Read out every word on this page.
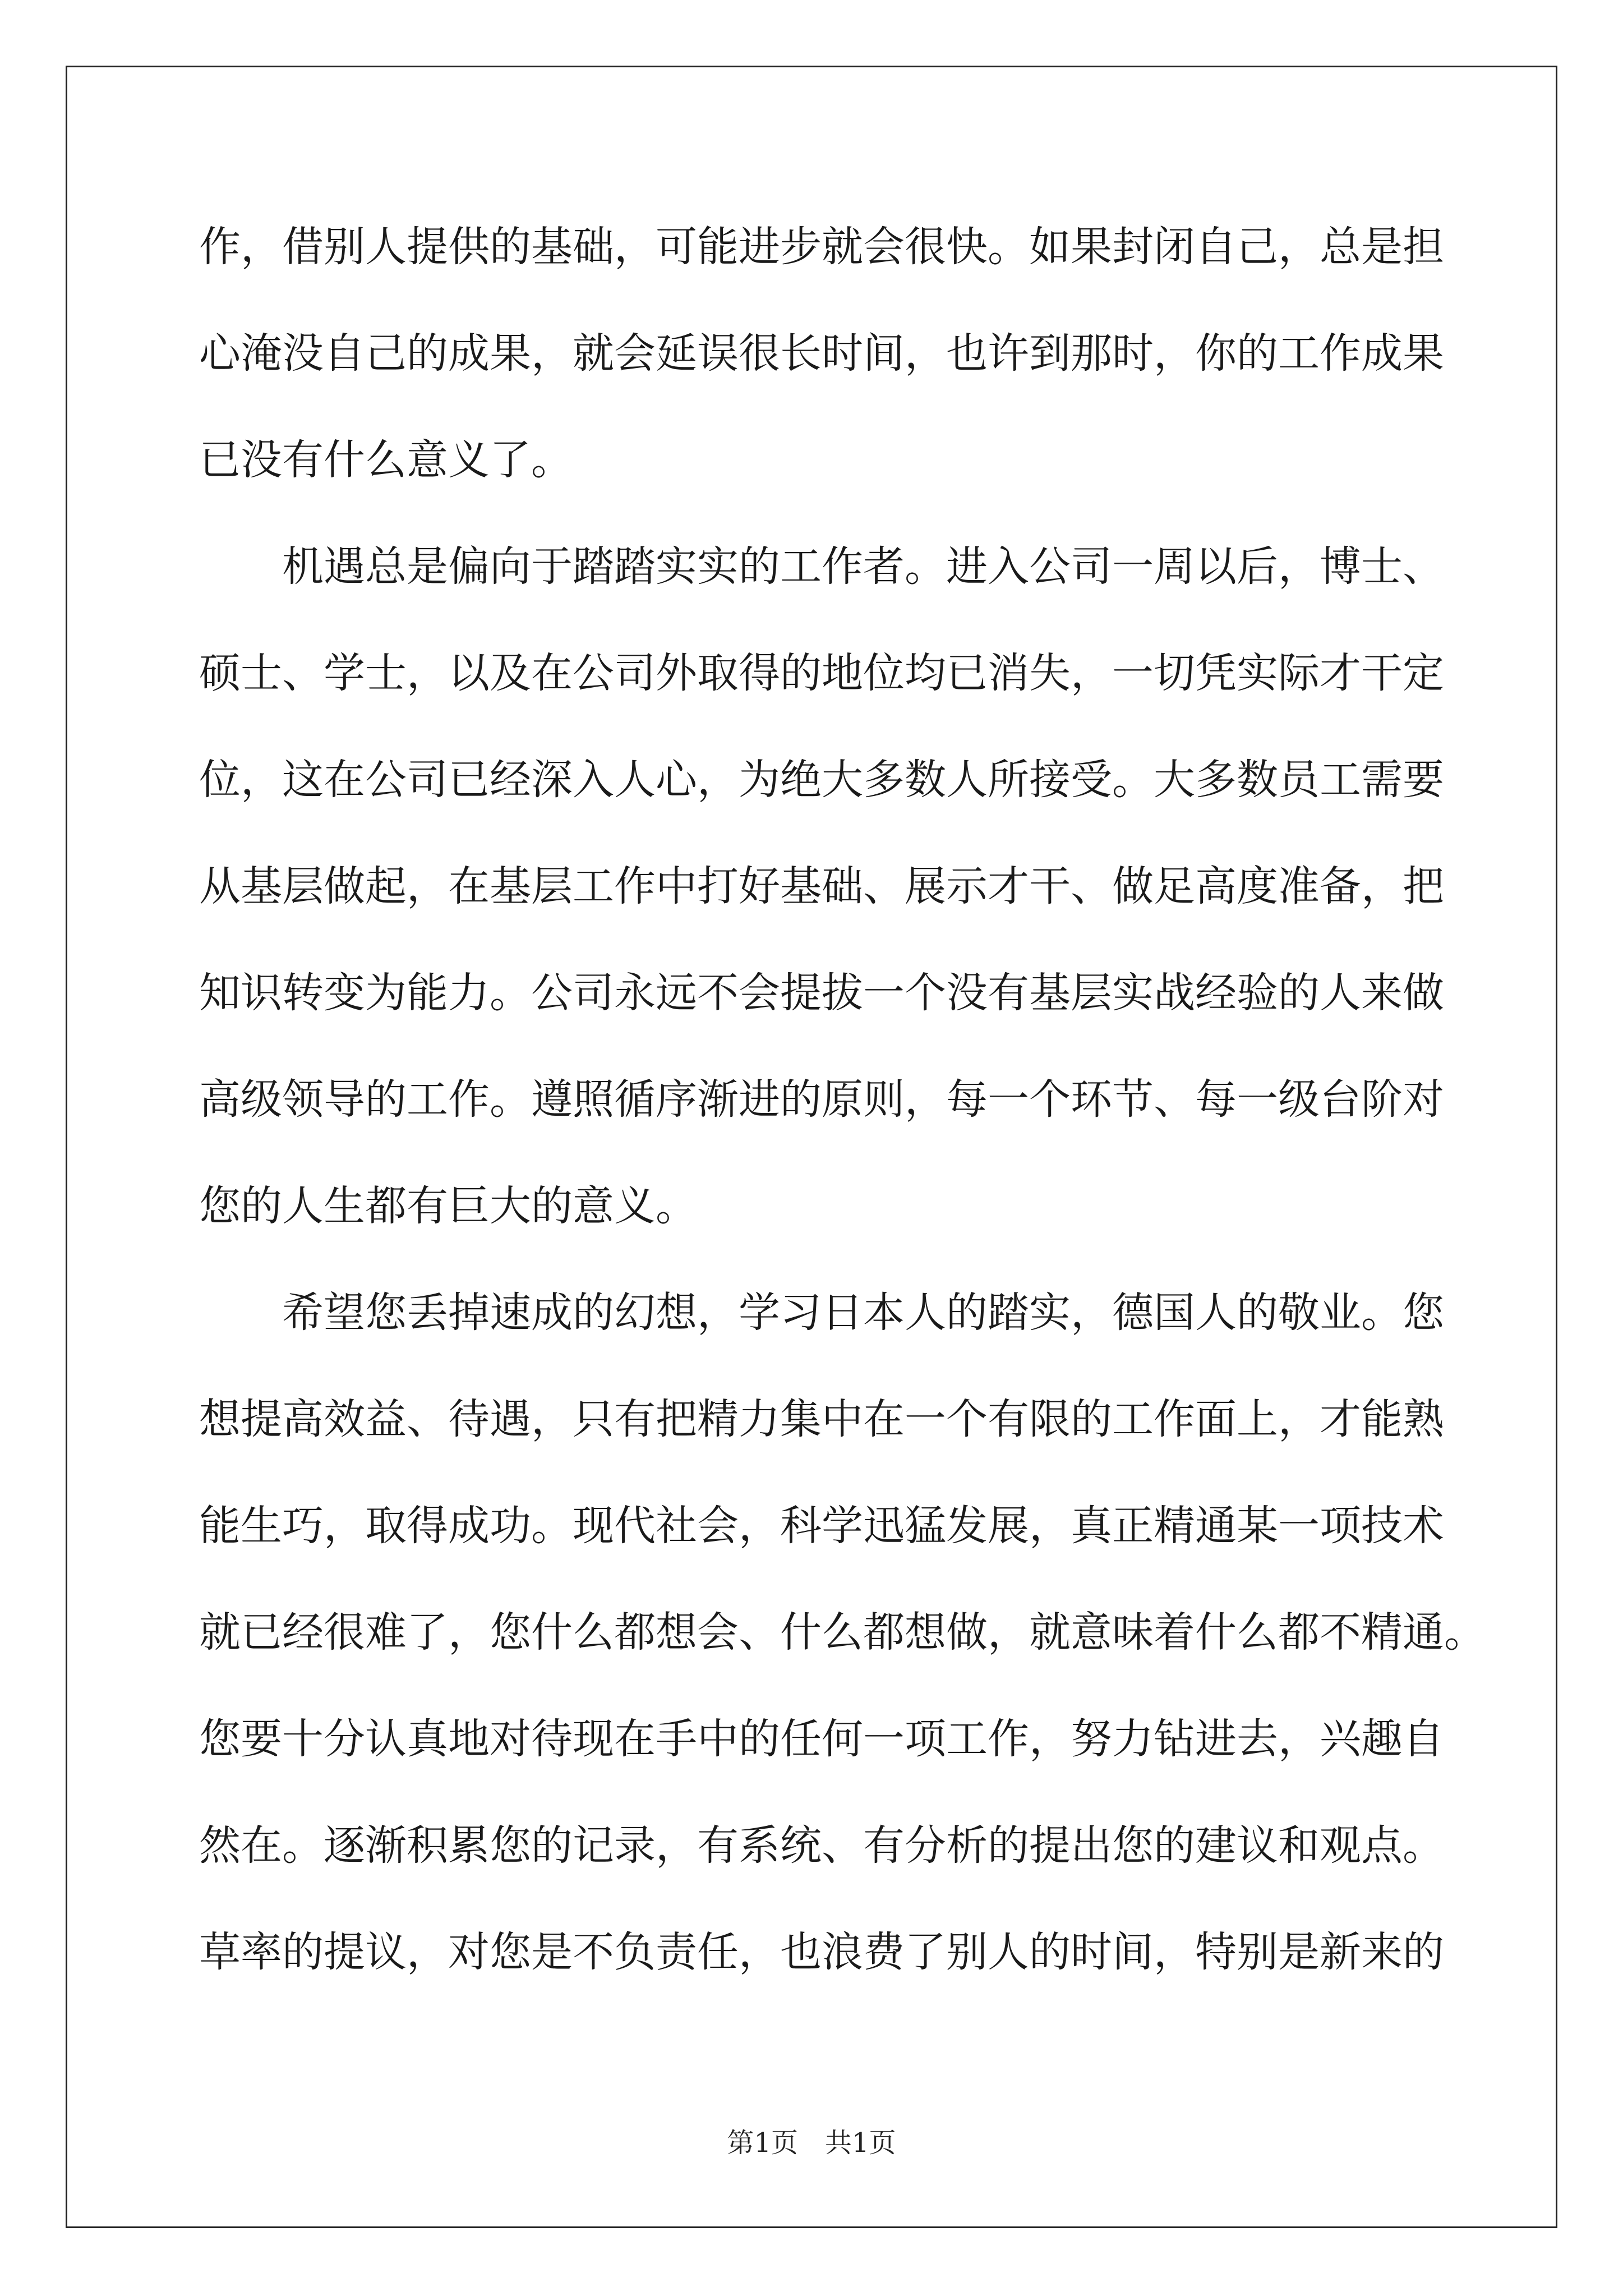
作，借别人提供的基础，可能进步就会很快。如果封闭自己，总是担
心淹没自己的成果，就会延误很长时间，也许到那时，你的工作成果
已没有什么意义了。
　　机遇总是偏向于踏踏实实的工作者。进入公司一周以后，博士、
硕士、学士，以及在公司外取得的地位均已消失，一切凭实际才干定
位，这在公司已经深入人心，为绝大多数人所接受。大多数员工需要
从基层做起，在基层工作中打好基础、展示才干、做足高度准备，把
知识转变为能力。公司永远不会提拔一个没有基层实战经验的人来做
高级领导的工作。遵照循序渐进的原则，每一个环节、每一级台阶对
您的人生都有巨大的意义。
　　希望您丢掉速成的幻想，学习日本人的踏实，德国人的敬业。您
想提高效益、待遇，只有把精力集中在一个有限的工作面上，才能熟
能生巧，取得成功。现代社会，科学迅猛发展，真正精通某一项技术
就已经很难了，您什么都想会、什么都想做，就意味着什么都不精通。
您要十分认真地对待现在手中的任何一项工作，努力钻进去，兴趣自
然在。逐渐积累您的记录，有系统、有分析的提出您的建议和观点。
草率的提议，对您是不负责任，也浪费了别人的时间，特别是新来的
第1页　共1页
